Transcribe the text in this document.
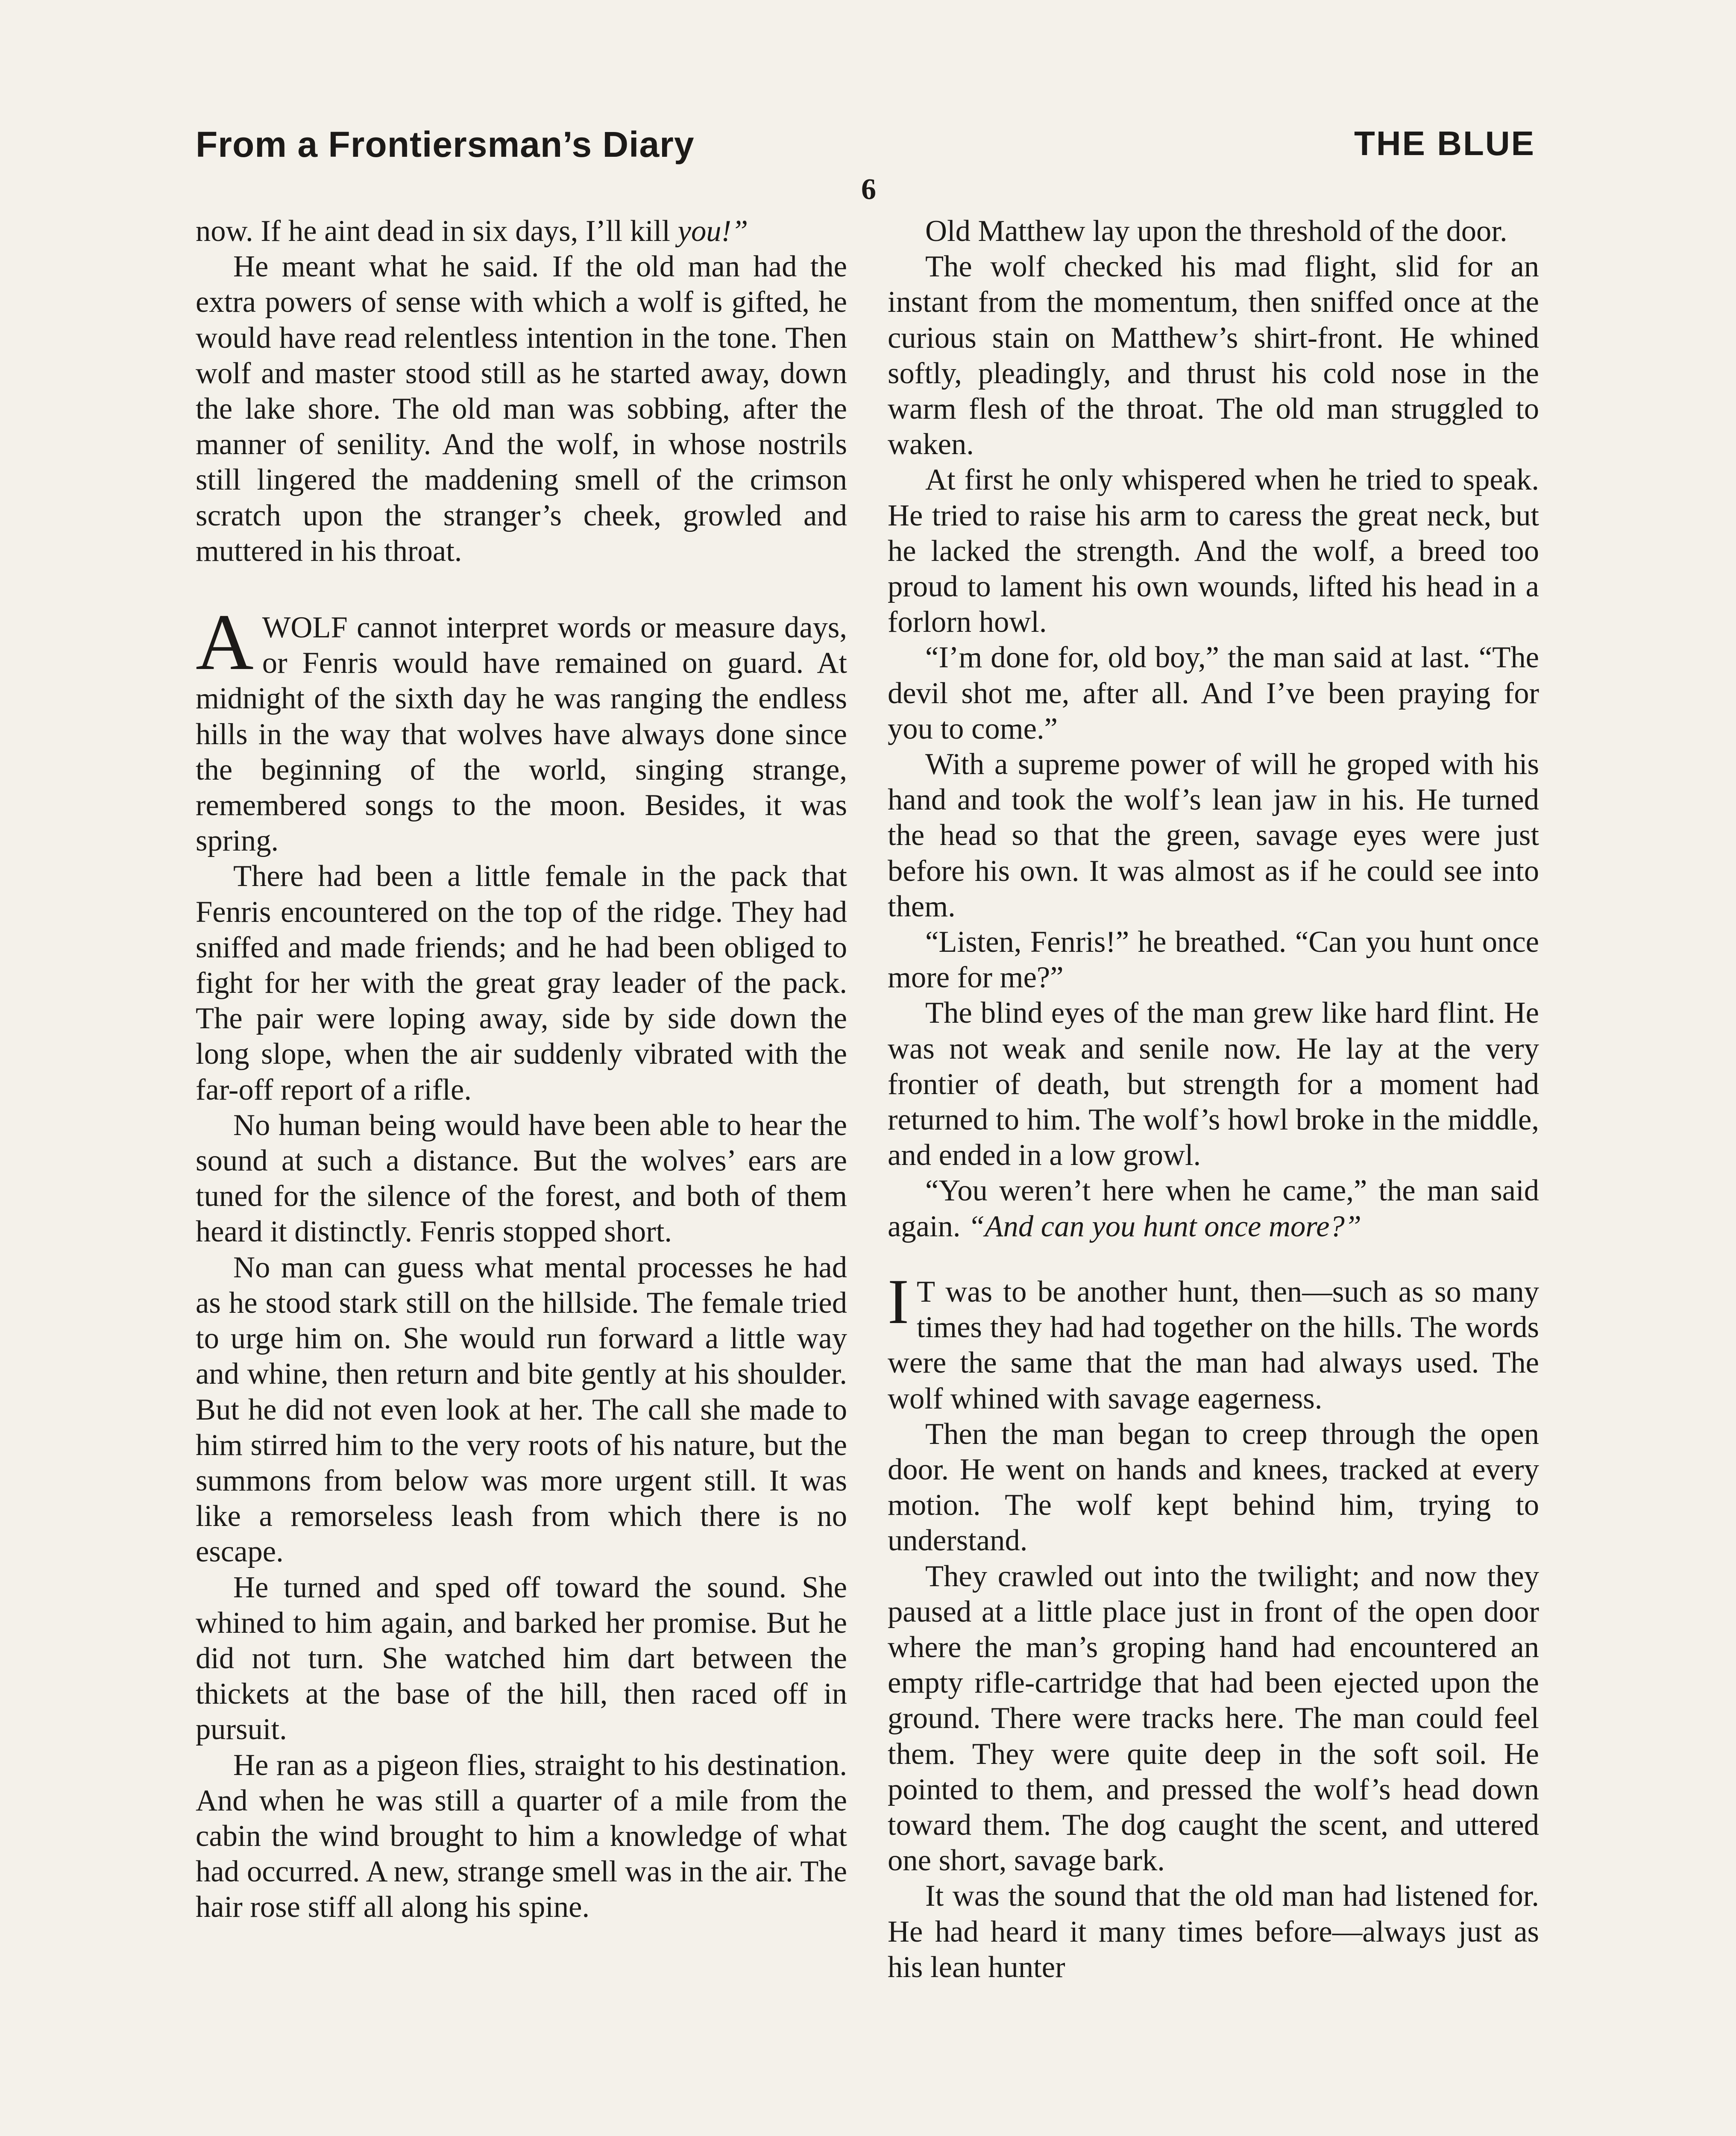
From a Frontiersman’s Diary	THE BLUE
6

now. If he aint dead in six days, I’ll kill you!”

He meant what he said. If the old man had the extra powers of sense with which a wolf is gifted, he would have read relentless intention in the tone. Then wolf and master stood still as he started away, down the lake shore. The old man was sobbing, after the manner of senility. And the wolf, in whose nostrils still lingered the maddening smell of the crimson scratch upon the stranger’s cheek, growled and muttered in his throat.

AWOLF cannot interpret words or measure days, or Fenris would have remained on guard. At midnight of the sixth day he was ranging the endless hills in the way that wolves have always done since the beginning of the world, singing strange, remembered songs to the moon. Besides, it was spring.

There had been a little female in the pack that Fenris encountered on the top of the ridge. They had sniffed and made friends; and he had been obliged to fight for her with the great gray leader of the pack. The pair were loping away, side by side down the long slope, when the air suddenly vibrated with the far-off report of a rifle.

No human being would have been able to hear the sound at such a distance. But the wolves’ ears are tuned for the silence of the forest, and both of them heard it distinctly. Fenris stopped short.

No man can guess what mental processes he had as he stood stark still on the hillside. The female tried to urge him on. She would run forward a little way and whine, then return and bite gently at his shoulder. But he did not even look at her. The call she made to him stirred him to the very roots of his nature, but the summons from below was more urgent still. It was like a remorseless leash from which there is no escape.

He turned and sped off toward the sound. She whined to him again, and barked her promise. But he did not turn. She watched him dart between the thickets at the base of the hill, then raced off in pursuit.

He ran as a pigeon flies, straight to his destination. And when he was still a quarter of a mile from the cabin the wind brought to him a knowledge of what had occurred. A new, strange smell was in the air. The hair rose stiff all along his spine.

Old Matthew lay upon the threshold of the door.

The wolf checked his mad flight, slid for an instant from the momentum, then sniffed once at the curious stain on Matthew’s shirt-front. He whined softly, pleadingly, and thrust his cold nose in the warm flesh of the throat. The old man struggled to waken.

At first he only whispered when he tried to speak. He tried to raise his arm to caress the great neck, but he lacked the strength. And the wolf, a breed too proud to lament his own wounds, lifted his head in a forlorn howl.

“I’m done for, old boy,” the man said at last. “The devil shot me, after all. And I’ve been praying for you to come.”

With a supreme power of will he groped with his hand and took the wolf’s lean jaw in his. He turned the head so that the green, savage eyes were just before his own. It was almost as if he could see into them.

“Listen, Fenris!” he breathed. “Can you hunt once more for me?”

The blind eyes of the man grew like hard flint. He was not weak and senile now. He lay at the very frontier of death, but strength for a moment had returned to him. The wolf’s howl broke in the middle, and ended in a low growl.

“You weren’t here when he came,” the man said again. “And can you hunt once more?”

I T was to be another hunt, then—such as so many times they had had together on the hills. The words were the same that the man had always used. The wolf whined with savage eagerness.

Then the man began to creep through the open door. He went on hands and knees, tracked at every motion. The wolf kept behind him, trying to understand.

They crawled out into the twilight; and now they paused at a little place just in front of the open door where the man’s groping hand had encountered an empty rifle-cartridge that had been ejected upon the ground. There were tracks here. The man could feel them. They were quite deep in the soft soil. He pointed to them, and pressed the wolf’s head down toward them. The dog caught the scent, and uttered one short, savage bark.

It was the sound that the old man had listened for. He had heard it many times before—always just as his lean hunter
